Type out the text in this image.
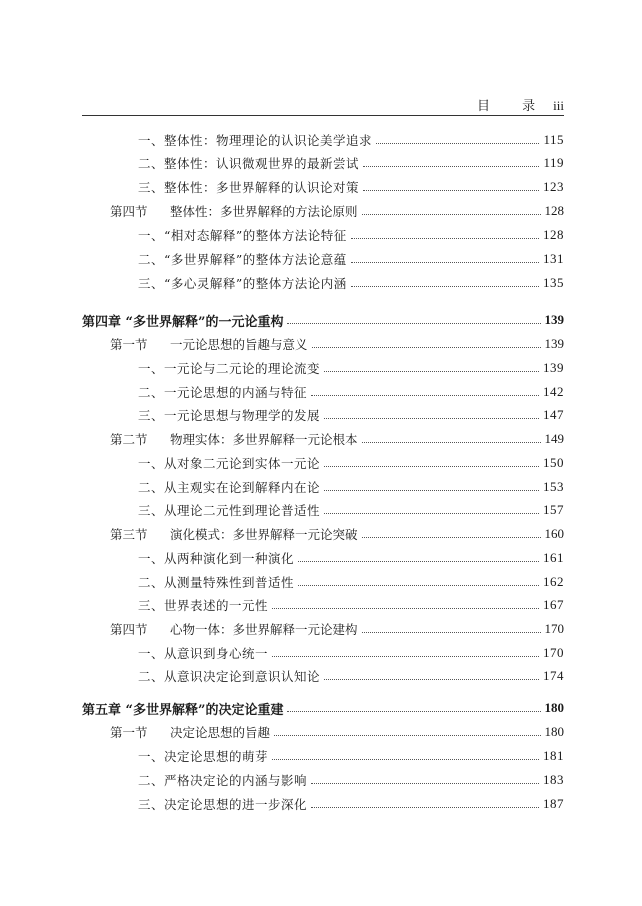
目 录 iii
一、整体性：物理理论的认识论美学追求	115
二、整体性：认识微观世界的最新尝试	119
三、整体性：多世界解释的认识论对策	123
第四节 整体性：多世界解释的方法论原则	128
一、“相对态解释”的整体方法论特征	128
二、“多世界解释”的整体方法论意蕴	131
三、“多心灵解释”的整体方法论内涵	135
第四章 “多世界解释”的一元论重构	139
第一节 一元论思想的旨趣与意义	139
一、一元论与二元论的理论流变	139
二、一元论思想的内涵与特征	142
三、一元论思想与物理学的发展	147
第二节 物理实体：多世界解释一元论根本	149
一、从对象二元论到实体一元论	150
二、从主观实在论到解释内在论	153
三、从理论二元性到理论普适性	157
第三节 演化模式：多世界解释一元论突破	160
一、从两种演化到一种演化	161
二、从测量特殊性到普适性	162
三、世界表述的一元性	167
第四节 心物一体：多世界解释一元论建构	170
一、从意识到身心统一	170
二、从意识决定论到意识认知论	174
第五章 “多世界解释”的决定论重建	180
第一节 决定论思想的旨趣	180
一、决定论思想的萌芽	181
二、严格决定论的内涵与影响	183
三、决定论思想的进一步深化	187
